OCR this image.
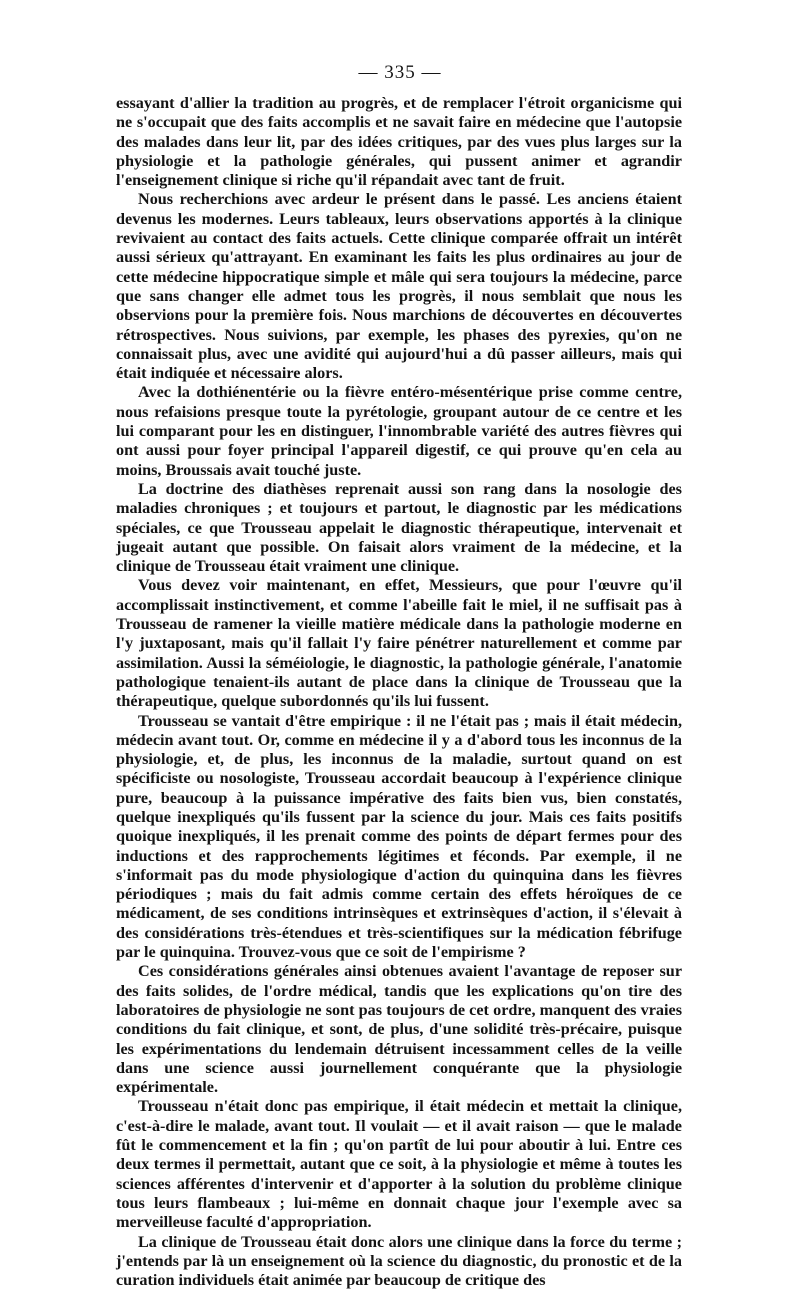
— 335 —

essayant d'allier la tradition au progrès, et de remplacer l'étroit organicisme qui ne s'occupait que des faits accomplis et ne savait faire en médecine que l'autopsie des malades dans leur lit, par des idées critiques, par des vues plus larges sur la physiologie et la pathologie générales, qui pussent animer et agrandir l'enseignement clinique si riche qu'il répandait avec tant de fruit.

Nous recherchions avec ardeur le présent dans le passé. Les anciens étaient devenus les modernes. Leurs tableaux, leurs observations apportés à la clinique revivaient au contact des faits actuels. Cette clinique comparée offrait un intérêt aussi sérieux qu'attrayant. En examinant les faits les plus ordinaires au jour de cette médecine hippocratique simple et mâle qui sera toujours la médecine, parce que sans changer elle admet tous les progrès, il nous semblait que nous les observions pour la première fois. Nous marchions de découvertes en découvertes rétrospectives. Nous suivions, par exemple, les phases des pyrexies, qu'on ne connaissait plus, avec une avidité qui aujourd'hui a dû passer ailleurs, mais qui était indiquée et nécessaire alors.

Avec la dothiénentérie ou la fièvre entéro-mésentérique prise comme centre, nous refaisions presque toute la pyrétologie, groupant autour de ce centre et les lui comparant pour les en distinguer, l'innombrable variété des autres fièvres qui ont aussi pour foyer principal l'appareil digestif, ce qui prouve qu'en cela au moins, Broussais avait touché juste.

La doctrine des diathèses reprenait aussi son rang dans la nosologie des maladies chroniques ; et toujours et partout, le diagnostic par les médications spéciales, ce que Trousseau appelait le diagnostic thérapeutique, intervenait et jugeait autant que possible. On faisait alors vraiment de la médecine, et la clinique de Trousseau était vraiment une clinique.

Vous devez voir maintenant, en effet, Messieurs, que pour l'œuvre qu'il accomplissait instinctivement, et comme l'abeille fait le miel, il ne suffisait pas à Trousseau de ramener la vieille matière médicale dans la pathologie moderne en l'y juxtaposant, mais qu'il fallait l'y faire pénétrer naturellement et comme par assimilation. Aussi la séméiologie, le diagnostic, la pathologie générale, l'anatomie pathologique tenaient-ils autant de place dans la clinique de Trousseau que la thérapeutique, quelque subordonnés qu'ils lui fussent.

Trousseau se vantait d'être empirique : il ne l'était pas ; mais il était médecin, médecin avant tout. Or, comme en médecine il y a d'abord tous les inconnus de la physiologie, et, de plus, les inconnus de la maladie, surtout quand on est spécificiste ou nosologiste, Trousseau accordait beaucoup à l'expérience clinique pure, beaucoup à la puissance impérative des faits bien vus, bien constatés, quelque inexpliqués qu'ils fussent par la science du jour. Mais ces faits positifs quoique inexpliqués, il les prenait comme des points de départ fermes pour des inductions et des rapprochements légitimes et féconds. Par exemple, il ne s'informait pas du mode physiologique d'action du quinquina dans les fièvres périodiques ; mais du fait admis comme certain des effets héroïques de ce médicament, de ses conditions intrinsèques et extrinsèques d'action, il s'élevait à des considérations très-étendues et très-scientifiques sur la médication fébrifuge par le quinquina. Trouvez-vous que ce soit de l'empirisme ?

Ces considérations générales ainsi obtenues avaient l'avantage de reposer sur des faits solides, de l'ordre médical, tandis que les explications qu'on tire des laboratoires de physiologie ne sont pas toujours de cet ordre, manquent des vraies conditions du fait clinique, et sont, de plus, d'une solidité très-précaire, puisque les expérimentations du lendemain détruisent incessamment celles de la veille dans une science aussi journellement conquérante que la physiologie expérimentale.

Trousseau n'était donc pas empirique, il était médecin et mettait la clinique, c'est-à-dire le malade, avant tout. Il voulait — et il avait raison — que le malade fût le commencement et la fin ; qu'on partît de lui pour aboutir à lui. Entre ces deux termes il permettait, autant que ce soit, à la physiologie et même à toutes les sciences afférentes d'intervenir et d'apporter à la solution du problème clinique tous leurs flambeaux ; lui-même en donnait chaque jour l'exemple avec sa merveilleuse faculté d'appropriation.

La clinique de Trousseau était donc alors une clinique dans la force du terme ; j'entends par là un enseignement où la science du diagnostic, du pronostic et de la curation individuels était animée par beaucoup de critique des
